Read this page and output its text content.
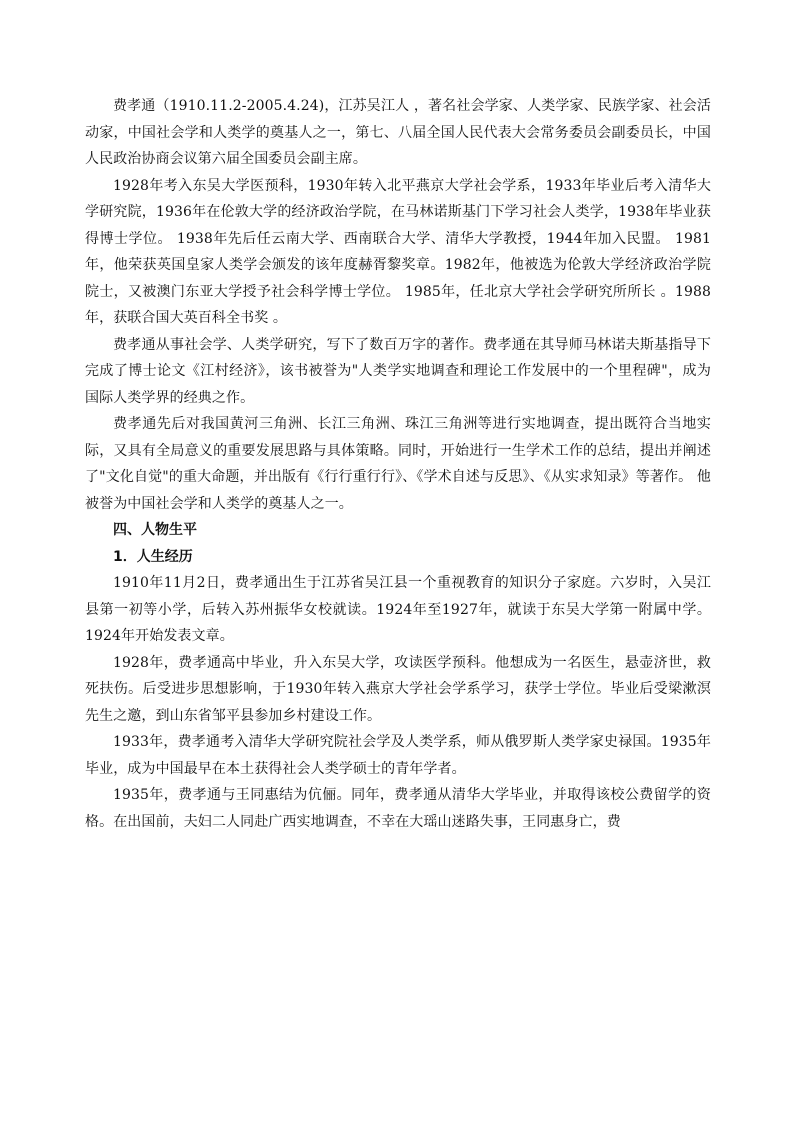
费孝通（1910.11.2-2005.4.24)，江苏吴江人 ，著名社会学家、人类学家、民族学家、社会活动家，中国社会学和人类学的奠基人之一，第七、八届全国人民代表大会常务委员会副委员长，中国人民政治协商会议第六届全国委员会副主席。

1928年考入东吴大学医预科，1930年转入北平燕京大学社会学系，1933年毕业后考入清华大学研究院，1936年在伦敦大学的经济政治学院，在马林诺斯基门下学习社会人类学，1938年毕业获得博士学位。 1938年先后任云南大学、西南联合大学、清华大学教授，1944年加入民盟。 1981年，他荣获英国皇家人类学会颁发的该年度赫胥黎奖章。1982年，他被选为伦敦大学经济政治学院院士，又被澳门东亚大学授予社会科学博士学位。 1985年，任北京大学社会学研究所所长 。1988年，获联合国大英百科全书奖 。

费孝通从事社会学、人类学研究，写下了数百万字的著作。费孝通在其导师马林诺夫斯基指导下完成了博士论文《江村经济》，该书被誉为"人类学实地调查和理论工作发展中的一个里程碑"，成为国际人类学界的经典之作。

费孝通先后对我国黄河三角洲、长江三角洲、珠江三角洲等进行实地调查，提出既符合当地实际，又具有全局意义的重要发展思路与具体策略。同时，开始进行一生学术工作的总结，提出并阐述了"文化自觉"的重大命题，并出版有《行行重行行》、《学术自述与反思》、《从实求知录》等著作。 他被誉为中国社会学和人类学的奠基人之一。

四、人物生平

1．人生经历

1910年11月2日，费孝通出生于江苏省吴江县一个重视教育的知识分子家庭。六岁时，入吴江县第一初等小学，后转入苏州振华女校就读。1924年至1927年，就读于东吴大学第一附属中学。1924年开始发表文章。

1928年，费孝通高中毕业，升入东吴大学，攻读医学预科。他想成为一名医生，悬壶济世，救死扶伤。后受进步思想影响，于1930年转入燕京大学社会学系学习，获学士学位。毕业后受梁漱溟先生之邀，到山东省邹平县参加乡村建设工作。

1933年，费孝通考入清华大学研究院社会学及人类学系，师从俄罗斯人类学家史禄国。1935年毕业，成为中国最早在本土获得社会人类学硕士的青年学者。

1935年，费孝通与王同惠结为伉俪。同年，费孝通从清华大学毕业，并取得该校公费留学的资格。在出国前，夫妇二人同赴广西实地调查，不幸在大瑶山迷路失事，王同惠身亡，费
